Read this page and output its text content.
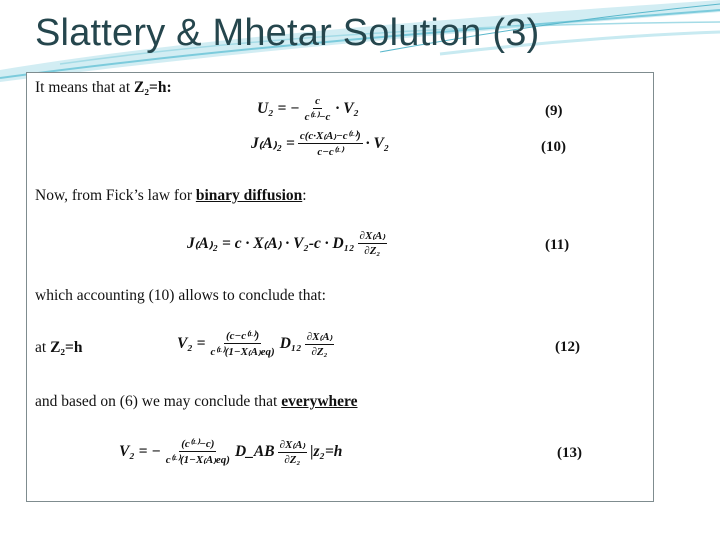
Slattery & Mhetar Solution (3)
It means that at Z₂=h:
U₂ = − $\frac{c}{\text{c⁽ᴸ⁾−c}} \cdot V_2$	(9)
$J_(A_{)2} = \frac{\text{c(c·X₍A₎−c⁽ᴸ⁾)}}{\text{c−c⁽ᴸ⁾}} \cdot V_2$	(10)
Now, from Fick’s law for binary diffusion:
$J_(A_{)2} = c \cdot X_(A_) \cdot V_2-c \cdot D_{12} \frac{\partial X_(A_)}{\text{∂Z₂}}$	(11)
which accounting (10) allows to conclude that:
at Z₂=h	$V_2 = \frac{\text{(c−c⁽ᴸ⁾)}}{\text{c⁽ᴸ⁾(1−X₍A₎eq)}} D_{12} \frac{\partial X_(A_)}{\text{∂Z₂}}$	(12)
and based on (6) we may conclude that everywhere
V₂ = − $\frac{\text{(c⁽ᴸ⁾−c)}}{\text{c⁽ᴸ⁾(1−X₍A₎eq)}}$ D_AB $\frac{\partial X_(A_)}{\text{∂Z₂}} |z_2=h$	(13)
